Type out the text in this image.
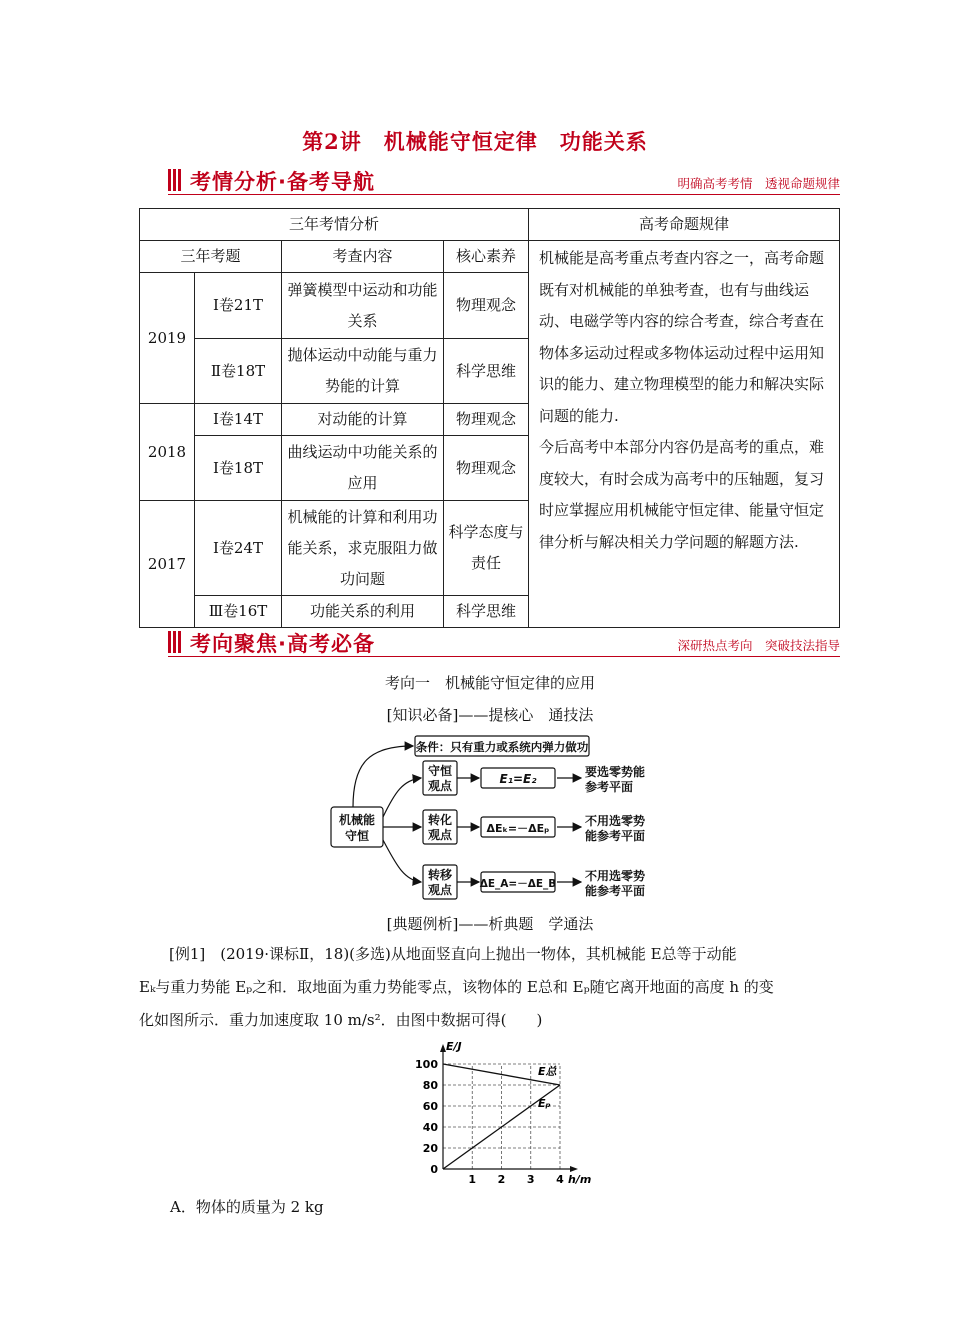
第2讲　机械能守恒定律　功能关系
考情分析·备考导航	明确高考考情　透视命题规律
三年考情分析				高考命题规律
三年考题		考查内容	核心素养	机械能是高考重点考查内容之一，高考命题既有对机械能的单独考查，也有与曲线运动、电磁学等内容的综合考查，综合考查在物体多运动过程或多物体运动过程中运用知识的能力、建立物理模型的能力和解决实际问题的能力.
今后高考中本部分内容仍是高考的重点，难度较大，有时会成为高考中的压轴题，复习时应掌握应用机械能守恒定律、能量守恒定律分析与解决相关力学问题的解题方法.

2019	Ⅰ卷21T	弹簧模型中运动和功能关系	物理观念	
	Ⅱ卷18T	抛体运动中动能与重力势能的计算	科学思维	
2018	Ⅰ卷14T	对动能的计算	物理观念	
	Ⅰ卷18T	曲线运动中功能关系的应用	物理观念	
2017	Ⅰ卷24T	机械能的计算和利用功能关系，求克服阻力做功问题	科学态度与责任	
	Ⅲ卷16T	功能关系的利用	科学思维	
考向聚焦·高考必备	深研热点考向　突破技法指导
考向一　机械能守恒定律的应用
[知识必备]——提核心　通技法
机械能
守恒
条件：只有重力或系统内弹力做功
守恒
观点	E₁=E₂
转化
观点	ΔEₖ=－ΔEₚ
转移
观点	ΔE_A=－ΔE_B
要选零势能
参考平面
不用选零势
能参考平面
不用选零势
能参考平面
[典题例析]——析典题　学通法
[例1]　(2019·课标Ⅱ，18)(多选)从地面竖直向上抛出一物体，其机械能 E总等于动能
Eₖ与重力势能 Eₚ之和．取地面为重力势能零点，该物体的 E总和 Eₚ随它离开地面的高度 h 的变
化如图所示．重力加速度取 10 m/s²．由图中数据可得(　　)
0
20
40
60
80
100
1 2 3 4
E/J
h/m
E总
Eₚ
A．物体的质量为 2 kg
